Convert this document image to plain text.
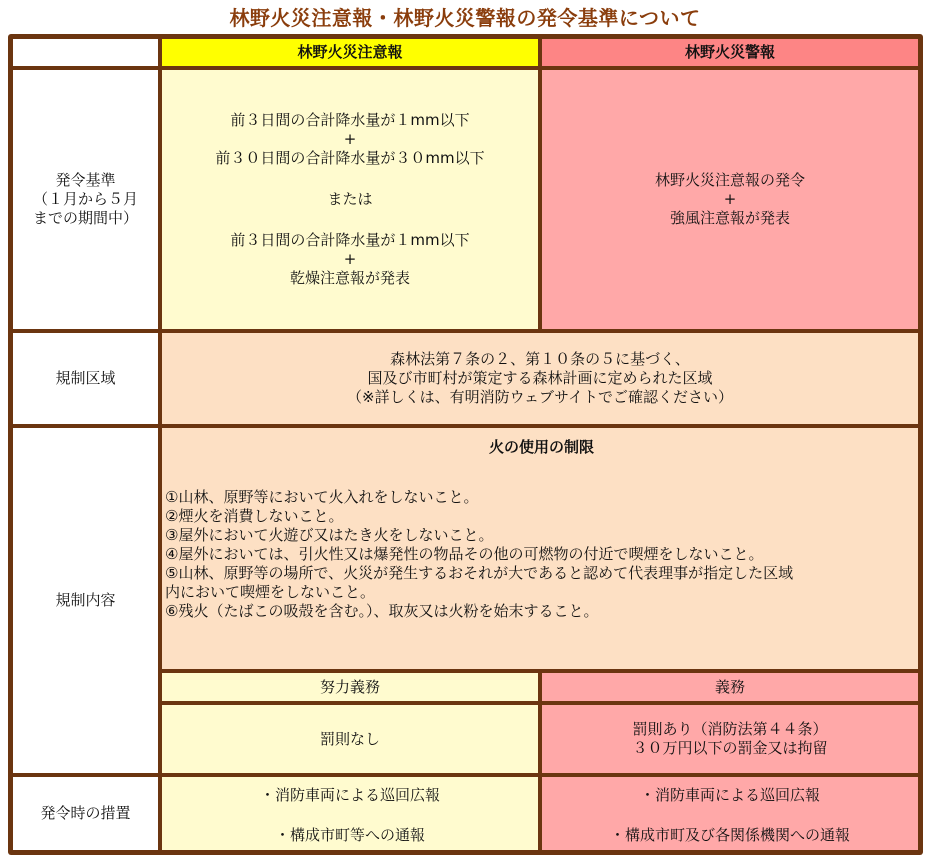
林野火災注意報・林野火災警報の発令基準について
林野火災注意報	林野火災警報
発令基準
（１月から５月
までの期間中）
前３日間の合計降水量が１mm以下
+
前３０日間の合計降水量が３０mm以下
または
前３日間の合計降水量が１mm以下
+
乾燥注意報が発表
林野火災注意報の発令
+
強風注意報が発表
規制区域
森林法第７条の２、第１０条の５に基づく、
国及び市町村が策定する森林計画に定められた区域
（※詳しくは、有明消防ウェブサイトでご確認ください）
規制内容
火の使用の制限
①山林、原野等において火入れをしないこと。
②煙火を消費しないこと。
③屋外において火遊び又はたき火をしないこと。
④屋外においては、引火性又は爆発性の物品その他の可燃物の付近で喫煙をしないこと。
⑤山林、原野等の場所で、火災が発生するおそれが大であると認めて代表理事が指定した区域
内において喫煙をしないこと。
⑥残火（たばこの吸殻を含む。）、取灰又は火粉を始末すること。
努力義務	義務
罰則なし
罰則あり（消防法第４４条）
３０万円以下の罰金又は拘留
発令時の措置
・消防車両による巡回広報
・構成市町等への通報
・消防車両による巡回広報
・構成市町及び各関係機関への通報
